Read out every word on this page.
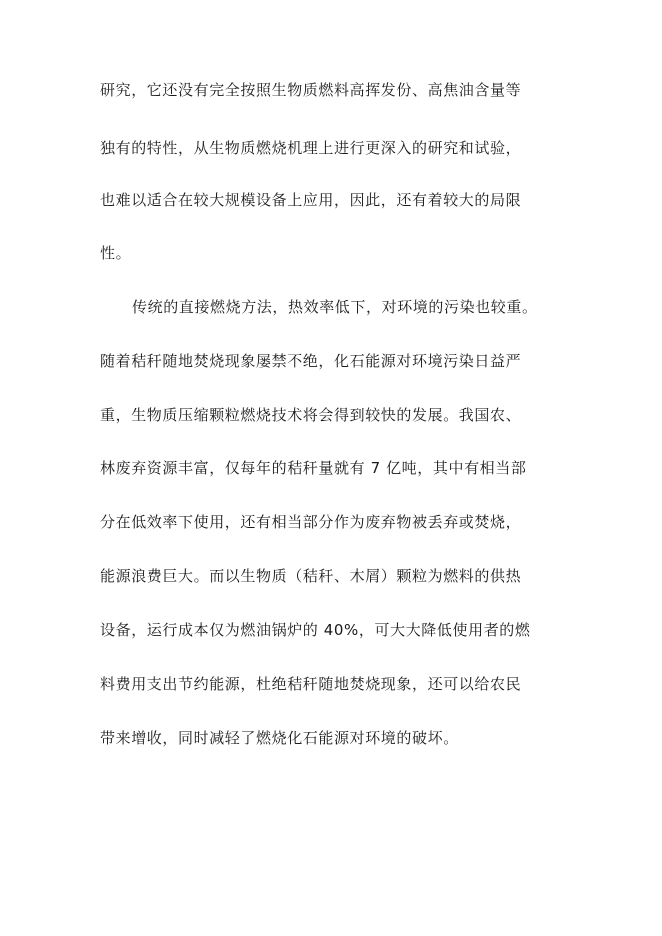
研究，它还没有完全按照生物质燃料高挥发份、高焦油含量等

独有的特性，从生物质燃烧机理上进行更深入的研究和试验，

也难以适合在较大规模设备上应用，因此，还有着较大的局限

性。

传统的直接燃烧方法，热效率低下，对环境的污染也较重。

随着秸秆随地焚烧现象屡禁不绝，化石能源对环境污染日益严

重，生物质压缩颗粒燃烧技术将会得到较快的发展。我国农、

林废弃资源丰富，仅每年的秸秆量就有 7 亿吨，其中有相当部

分在低效率下使用，还有相当部分作为废弃物被丢弃或焚烧，

能源浪费巨大。而以生物质（秸秆、木屑）颗粒为燃料的供热

设备，运行成本仅为燃油锅炉的 40%，可大大降低使用者的燃

料费用支出节约能源，杜绝秸秆随地焚烧现象，还可以给农民

带来增收，同时减轻了燃烧化石能源对环境的破坏。
